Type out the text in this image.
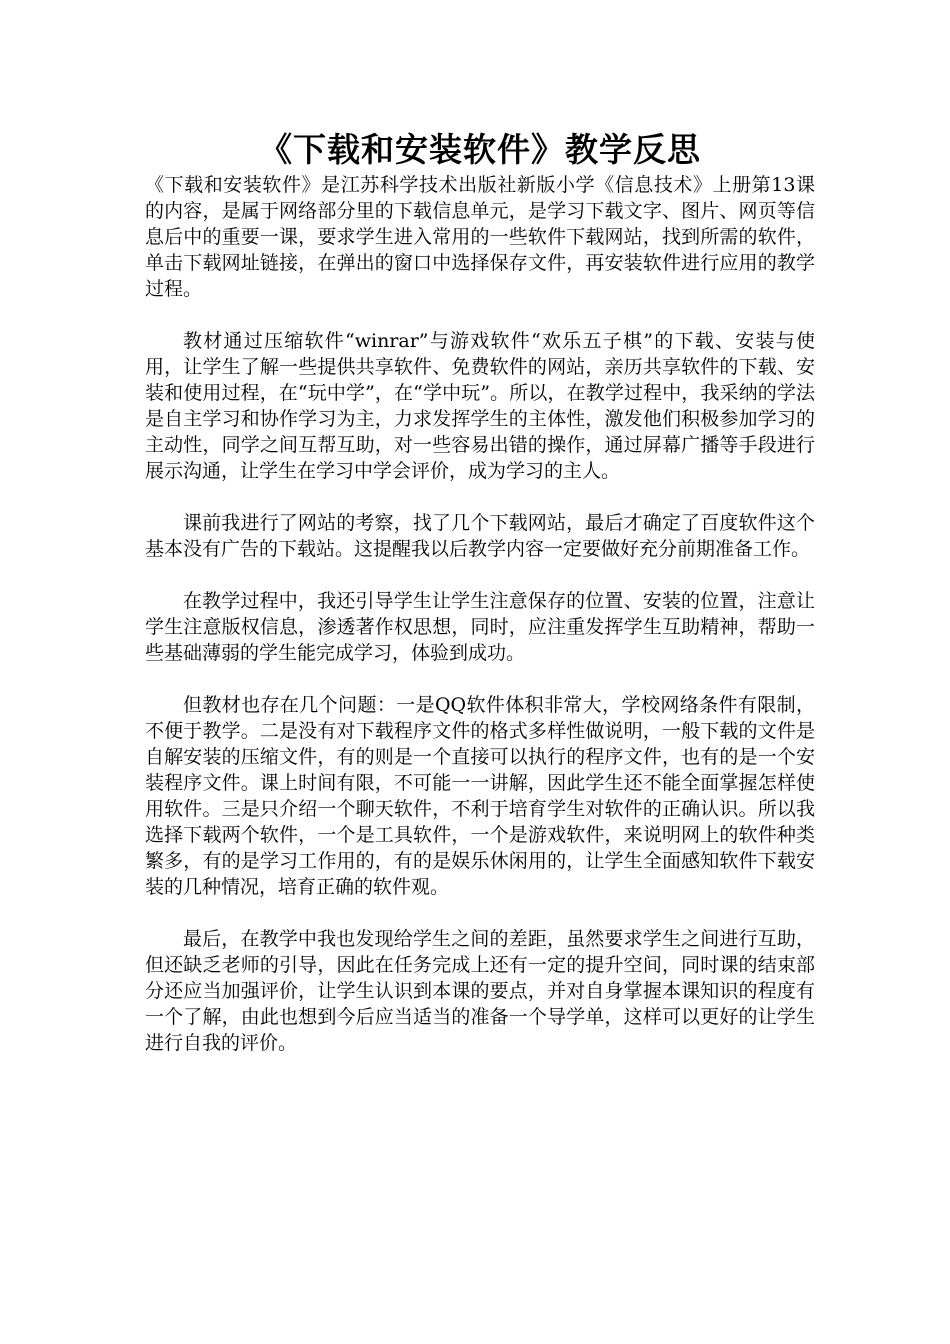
《下载和安装软件》教学反思

《下载和安装软件》是江苏科学技术出版社新版小学《信息技术》上册第13课的内容，是属于网络部分里的下载信息单元，是学习下载文字、图片、网页等信息后中的重要一课，要求学生进入常用的一些软件下载网站，找到所需的软件，单击下载网址链接，在弹出的窗口中选择保存文件，再安装软件进行应用的教学过程。

教材通过压缩软件“winrar”与游戏软件“欢乐五子棋”的下载、安装与使用，让学生了解一些提供共享软件、免费软件的网站，亲历共享软件的下载、安装和使用过程，在“玩中学”，在“学中玩”。所以，在教学过程中，我采纳的学法是自主学习和协作学习为主，力求发挥学生的主体性，激发他们积极参加学习的主动性，同学之间互帮互助，对一些容易出错的操作，通过屏幕广播等手段进行展示沟通，让学生在学习中学会评价，成为学习的主人。

课前我进行了网站的考察，找了几个下载网站，最后才确定了百度软件这个基本没有广告的下载站。这提醒我以后教学内容一定要做好充分前期准备工作。

在教学过程中，我还引导学生让学生注意保存的位置、安装的位置，注意让学生注意版权信息，渗透著作权思想，同时，应注重发挥学生互助精神，帮助一些基础薄弱的学生能完成学习，体验到成功。

但教材也存在几个问题：一是QQ软件体积非常大，学校网络条件有限制，不便于教学。二是没有对下载程序文件的格式多样性做说明，一般下载的文件是自解安装的压缩文件，有的则是一个直接可以执行的程序文件，也有的是一个安装程序文件。课上时间有限，不可能一一讲解，因此学生还不能全面掌握怎样使用软件。三是只介绍一个聊天软件，不利于培育学生对软件的正确认识。所以我选择下载两个软件，一个是工具软件，一个是游戏软件，来说明网上的软件种类繁多，有的是学习工作用的，有的是娱乐休闲用的，让学生全面感知软件下载安装的几种情况，培育正确的软件观。

最后，在教学中我也发现给学生之间的差距，虽然要求学生之间进行互助，但还缺乏老师的引导，因此在任务完成上还有一定的提升空间，同时课的结束部分还应当加强评价，让学生认识到本课的要点，并对自身掌握本课知识的程度有一个了解，由此也想到今后应当适当的准备一个导学单，这样可以更好的让学生进行自我的评价。
